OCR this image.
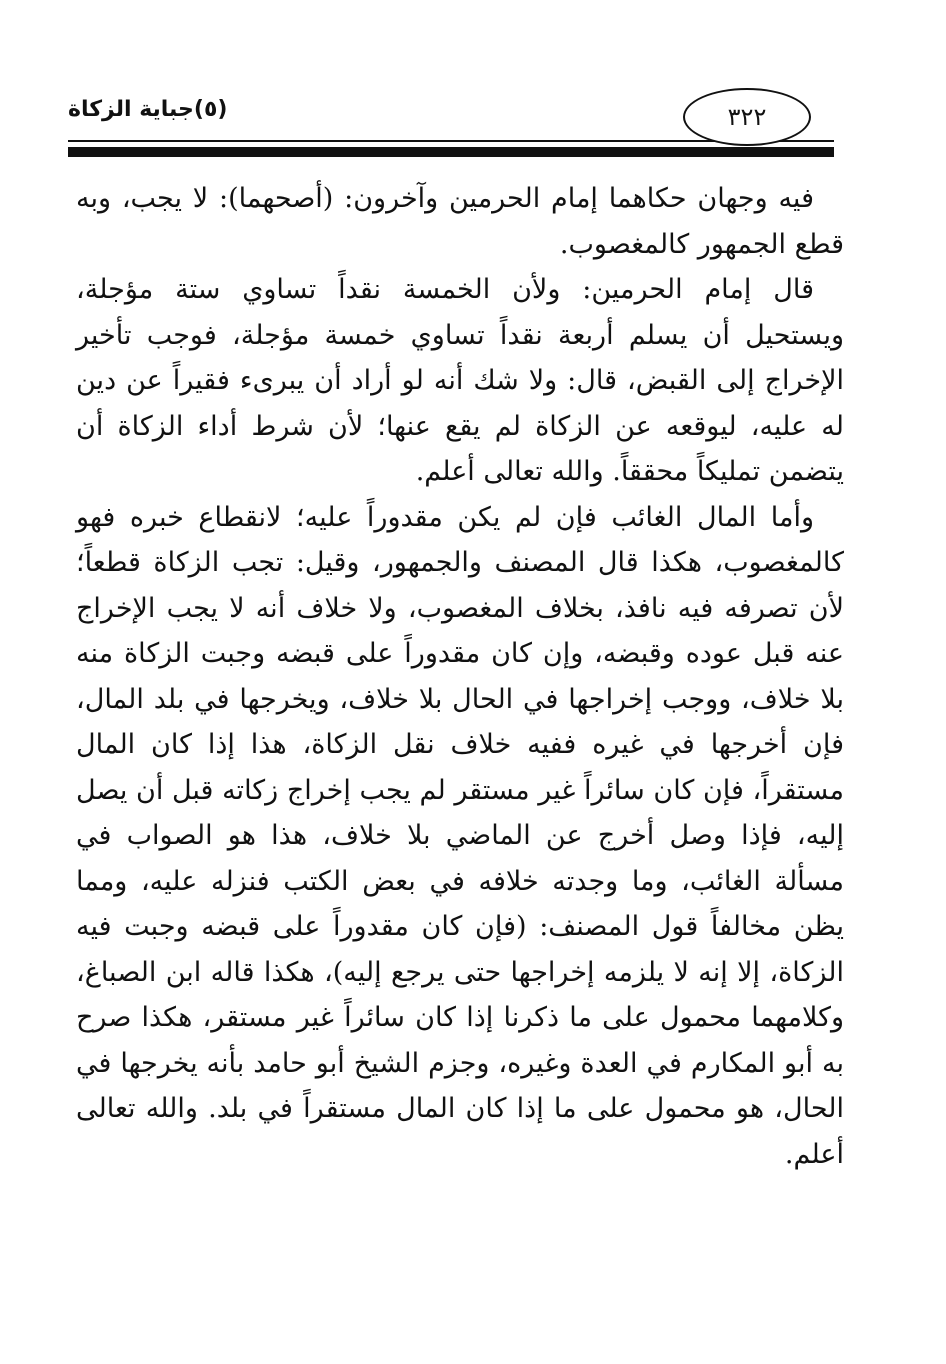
(٥)جباية الزكاة	٣٢٢

فيه وجهان حكاهما إمام الحرمين وآخرون: (أصحهما): لا يجب، وبه قطع الجمهور كالمغصوب.

قال إمام الحرمين: ولأن الخمسة نقداً تساوي ستة مؤجلة، ويستحيل أن يسلم أربعة نقداً تساوي خمسة مؤجلة، فوجب تأخير الإخراج إلى القبض، قال: ولا شك أنه لو أراد أن يبرىء فقيراً عن دين له عليه، ليوقعه عن الزكاة لم يقع عنها؛ لأن شرط أداء الزكاة أن يتضمن تمليكاً محققاً. والله تعالى أعلم.

وأما المال الغائب فإن لم يكن مقدوراً عليه؛ لانقطاع خبره فهو كالمغصوب، هكذا قال المصنف والجمهور، وقيل: تجب الزكاة قطعاً؛ لأن تصرفه فيه نافذ، بخلاف المغصوب، ولا خلاف أنه لا يجب الإخراج عنه قبل عوده وقبضه، وإن كان مقدوراً على قبضه وجبت الزكاة منه بلا خلاف، ووجب إخراجها في الحال بلا خلاف، ويخرجها في بلد المال، فإن أخرجها في غيره ففيه خلاف نقل الزكاة، هذا إذا كان المال مستقراً، فإن كان سائراً غير مستقر لم يجب إخراج زكاته قبل أن يصل إليه، فإذا وصل أخرج عن الماضي بلا خلاف، هذا هو الصواب في مسألة الغائب، وما وجدته خلافه في بعض الكتب فنزله عليه، ومما يظن مخالفاً قول المصنف: (فإن كان مقدوراً على قبضه وجبت فيه الزكاة، إلا إنه لا يلزمه إخراجها حتى يرجع إليه)، هكذا قاله ابن الصباغ، وكلامهما محمول على ما ذكرنا إذا كان سائراً غير مستقر، هكذا صرح به أبو المكارم في العدة وغيره، وجزم الشيخ أبو حامد بأنه يخرجها في الحال، هو محمول على ما إذا كان المال مستقراً في بلد. والله تعالى أعلم.
